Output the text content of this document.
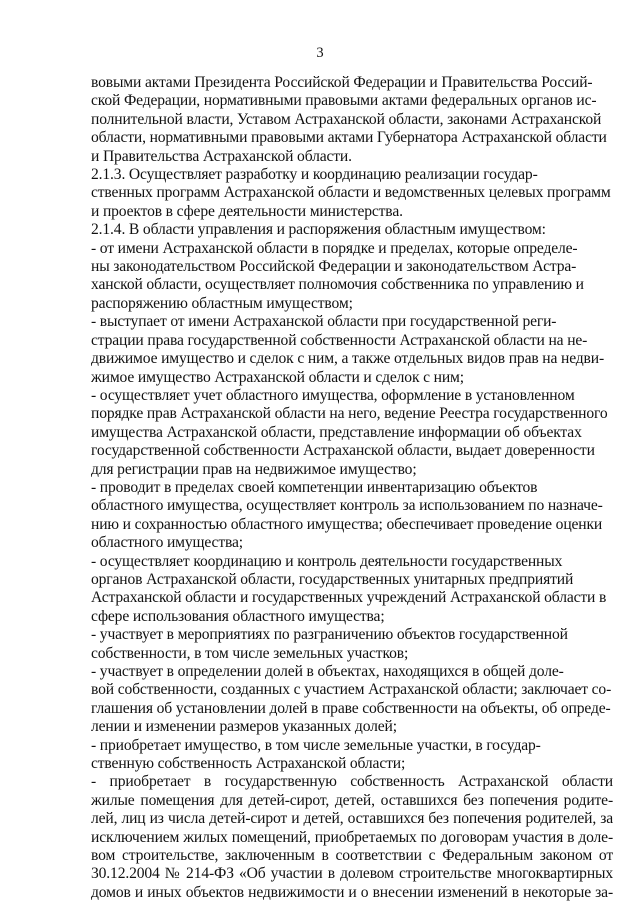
3

вовыми актами Президента Российской Федерации и Правительства Россий-
ской Федерации, нормативными правовыми актами федеральных органов ис-
полнительной власти, Уставом Астраханской области, законами Астраханской
области, нормативными правовыми актами Губернатора Астраханской области
и Правительства Астраханской области.

2.1.3. Осуществляет разработку и координацию реализации государ-
ственных программ Астраханской области и ведомственных целевых программ
и проектов в сфере деятельности министерства.

2.1.4. В области управления и распоряжения областным имуществом:

- от имени Астраханской области в порядке и пределах, которые определе-
ны законодательством Российской Федерации и законодательством Астра-
ханской области, осуществляет полномочия собственника по управлению и
распоряжению областным имуществом;

- выступает от имени Астраханской области при государственной реги-
страции права государственной собственности Астраханской области на не-
движимое имущество и сделок с ним, а также отдельных видов прав на недви-
жимое имущество Астраханской области и сделок с ним;

- осуществляет учет областного имущества, оформление в установленном
порядке прав Астраханской области на него, ведение Реестра государственного
имущества Астраханской области, представление информации об объектах
государственной собственности Астраханской области, выдает доверенности
для регистрации прав на недвижимое имущество;

- проводит в пределах своей компетенции инвентаризацию объектов
областного имущества, осуществляет контроль за использованием по назначе-
нию и сохранностью областного имущества; обеспечивает проведение оценки
областного имущества;

- осуществляет координацию и контроль деятельности государственных
органов Астраханской области, государственных унитарных предприятий
Астраханской области и государственных учреждений Астраханской области в
сфере использования областного имущества;

- участвует в мероприятиях по разграничению объектов государственной
собственности, в том числе земельных участков;

- участвует в определении долей в объектах, находящихся в общей доле-
вой собственности, созданных с участием Астраханской области; заключает со-
глашения об установлении долей в праве собственности на объекты, об опреде-
лении и изменении размеров указанных долей;

- приобретает имущество, в том числе земельные участки, в государ-
ственную собственность Астраханской области;

- приобретает в государственную собственность Астраханской области
жилые помещения для детей-сирот, детей, оставшихся без попечения родите-
лей, лиц из числа детей-сирот и детей, оставшихся без попечения родителей, за
исключением жилых помещений, приобретаемых по договорам участия в доле-
вом строительстве, заключенным в соответствии с Федеральным законом от
30.12.2004 № 214-ФЗ «Об участии в долевом строительстве многоквартирных
домов и иных объектов недвижимости и о внесении изменений в некоторые за-
